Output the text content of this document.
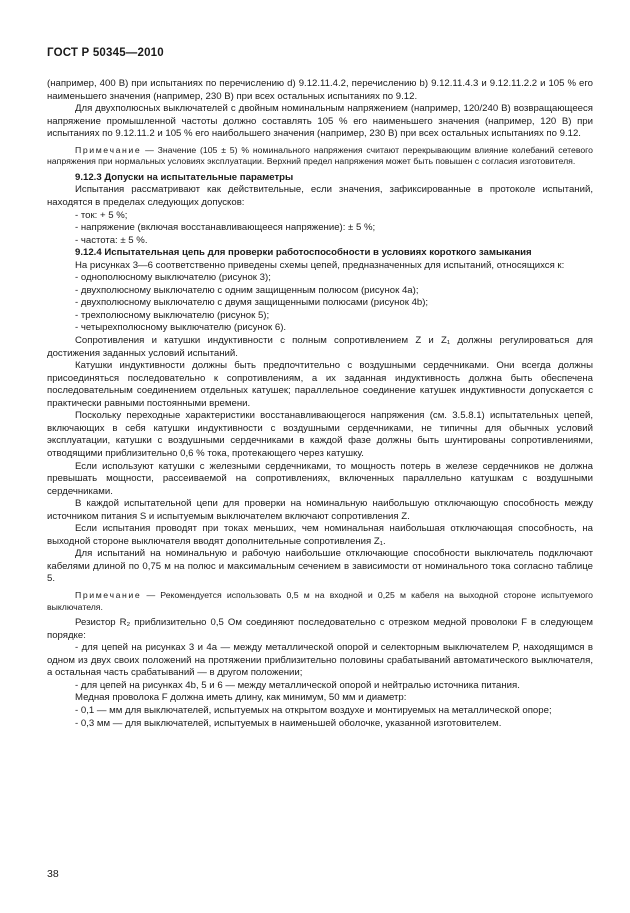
ГОСТ Р 50345—2010

(например, 400 В) при испытаниях по перечислению d) 9.12.11.4.2, перечислению b) 9.12.11.4.3 и 9.12.11.2.2 и 105 % его наименьшего значения (например, 230 В) при всех остальных испытаниях по 9.12.

Для двухполюсных выключателей с двойным номинальным напряжением (например, 120/240 В) возвращающееся напряжение промышленной частоты должно составлять 105 % его наименьшего значения (например, 120 В) при испытаниях по 9.12.11.2 и 105 % его наибольшего значения (например, 230 В) при всех остальных испытаниях по 9.12.

Примечание — Значение (105 ± 5) % номинального напряжения считают перекрывающим влияние колебаний сетевого напряжения при нормальных условиях эксплуатации. Верхний предел напряжения может быть повышен с согласия изготовителя.

9.12.3 Допуски на испытательные параметры

Испытания рассматривают как действительные, если значения, зафиксированные в протоколе испытаний, находятся в пределах следующих допусков:

- ток: + 5 %;

- напряжение (включая восстанавливающееся напряжение): ± 5 %;

- частота: ± 5 %.

9.12.4 Испытательная цепь для проверки работоспособности в условиях короткого замыкания

На рисунках 3—6 соответственно приведены схемы цепей, предназначенных для испытаний, относящихся к:

- однополюсному выключателю (рисунок 3);

- двухполюсному выключателю с одним защищенным полюсом (рисунок 4а);

- двухполюсному выключателю с двумя защищенными полюсами (рисунок 4b);

- трехполюсному выключателю (рисунок 5);

- четырехполюсному выключателю (рисунок 6).

Сопротивления и катушки индуктивности с полным сопротивлением Z и Z₁ должны регулироваться для достижения заданных условий испытаний.

Катушки индуктивности должны быть предпочтительно с воздушными сердечниками. Они всегда должны присоединяться последовательно к сопротивлениям, а их заданная индуктивность должна быть обеспечена последовательным соединением отдельных катушек; параллельное соединение катушек индуктивности допускается с практически равными постоянными времени.

Поскольку переходные характеристики восстанавливающегося напряжения (см. 3.5.8.1) испытательных цепей, включающих в себя катушки индуктивности с воздушными сердечниками, не типичны для обычных условий эксплуатации, катушки с воздушными сердечниками в каждой фазе должны быть шунтированы сопротивлениями, отводящими приблизительно 0,6 % тока, протекающего через катушку.

Если используют катушки с железными сердечниками, то мощность потерь в железе сердечников не должна превышать мощности, рассеиваемой на сопротивлениях, включенных параллельно катушкам с воздушными сердечниками.

В каждой испытательной цепи для проверки на номинальную наибольшую отключающую способность между источником питания S и испытуемым выключателем включают сопротивления Z.

Если испытания проводят при токах меньших, чем номинальная наибольшая отключающая способность, на выходной стороне выключателя вводят дополнительные сопротивления Z₁.

Для испытаний на номинальную и рабочую наибольшие отключающие способности выключатель подключают кабелями длиной по 0,75 м на полюс и максимальным сечением в зависимости от номинального тока согласно таблице 5.

Примечание — Рекомендуется использовать 0,5 м на входной и 0,25 м кабеля на выходной стороне испытуемого выключателя.

Резистор R₂ приблизительно 0,5 Ом соединяют последовательно с отрезком медной проволоки F в следующем порядке:

- для цепей на рисунках 3 и 4а — между металлической опорой и селекторным выключателем P, находящимся в одном из двух своих положений на протяжении приблизительно половины срабатываний автоматического выключателя, а остальная часть срабатываний — в другом положении;

- для цепей на рисунках 4b, 5 и 6 — между металлической опорой и нейтралью источника питания.

Медная проволока F должна иметь длину, как минимум, 50 мм и диаметр:

- 0,1 — мм для выключателей, испытуемых на открытом воздухе и монтируемых на металлической опоре;

- 0,3 мм — для выключателей, испытуемых в наименьшей оболочке, указанной изготовителем.

38
